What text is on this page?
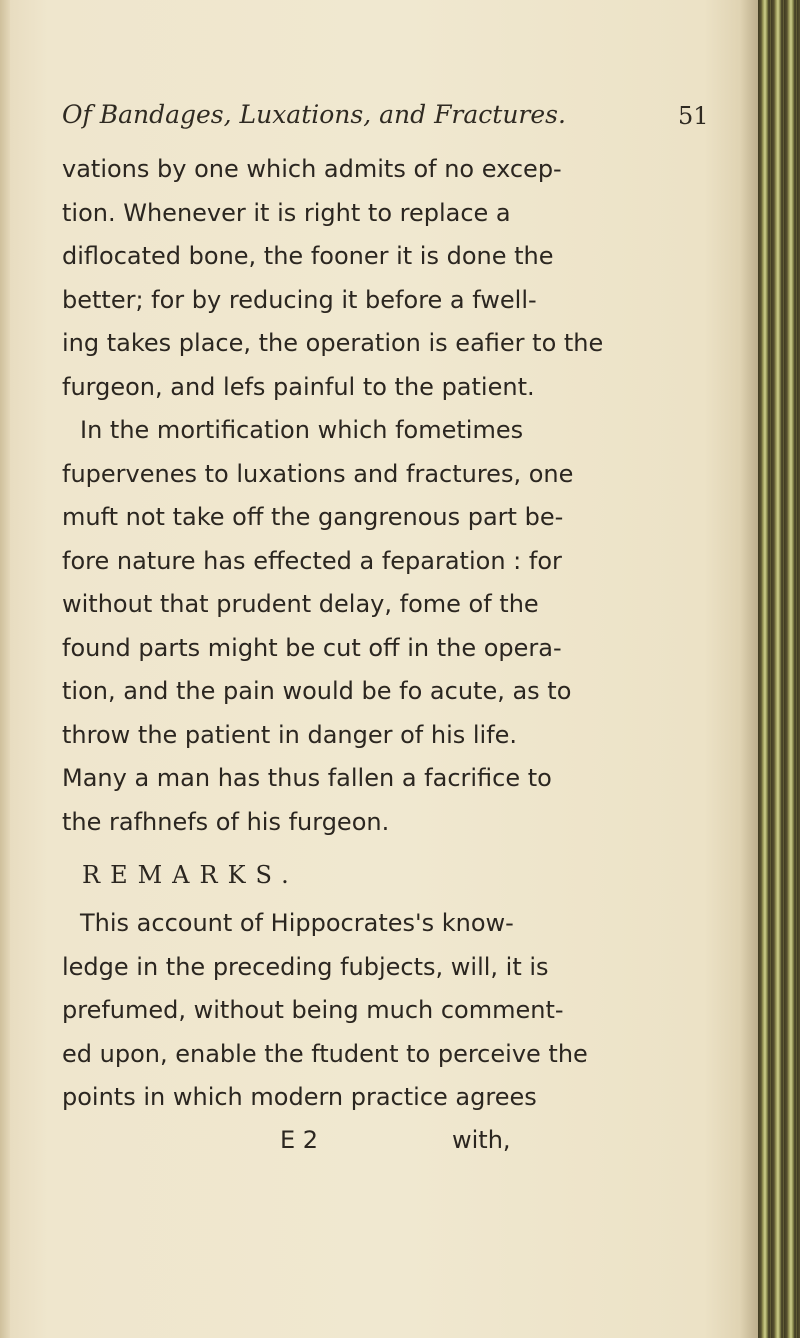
Of Bandages, Luxations, and Fractures.	51
vations by one which admits of no excep-
tion. Whenever it is right to replace a
diflocated bone, the fooner it is done the
better; for by reducing it before a fwell-
ing takes place, the operation is eafier to the
furgeon, and lefs painful to the patient.
In the mortification which fometimes
fupervenes to luxations and fractures, one
muft not take off the gangrenous part be-
fore nature has effected a feparation : for
without that prudent delay, fome of the
found parts might be cut off in the opera-
tion, and the pain would be fo acute, as to
throw the patient in danger of his life.
Many a man has thus fallen a facrifice to
the rafhnefs of his furgeon.
REMARKS.
This account of Hippocrates's know-
ledge in the preceding fubjects, will, it is
prefumed, without being much comment-
ed upon, enable the ftudent to perceive the
points in which modern practice agrees
E 2	with,
